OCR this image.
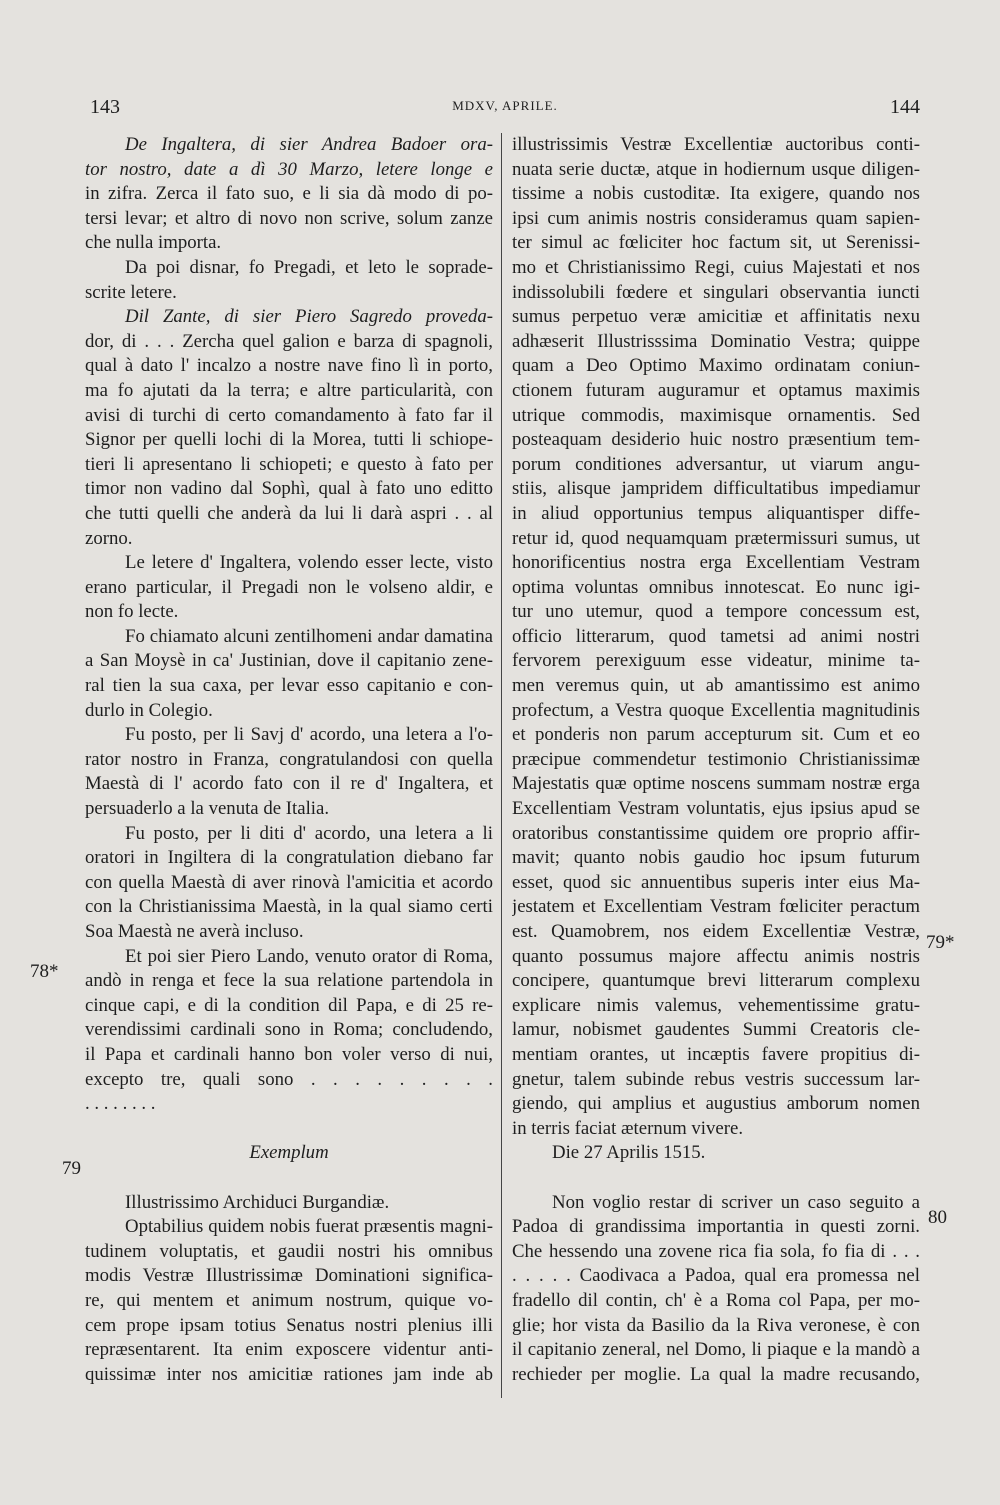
143	MDXV, APRILE.	144
De Ingaltera, di sier Andrea Badoer ora-
tor nostro, date a dì 30 Marzo, letere longe e
in zifra. Zerca il fato suo, e li sia dà modo di po-
tersi levar; et altro di novo non scrive, solum zanze
che nulla importa.
Da poi disnar, fo Pregadi, et leto le soprade-
scrite letere.
Dil Zante, di sier Piero Sagredo proveda-
dor, di . . . Zercha quel galion e barza di spagnoli,
qual à dato l' incalzo a nostre nave fino lì in porto,
ma fo ajutati da la terra; e altre particularità, con
avisi di turchi di certo comandamento à fato far il
Signor per quelli lochi di la Morea, tutti li schiope-
tieri li apresentano li schiopeti; e questo à fato per
timor non vadino dal Sophì, qual à fato uno editto
che tutti quelli che anderà da lui li darà aspri . . al
zorno.
Le letere d' Ingaltera, volendo esser lecte, visto
erano particular, il Pregadi non le volseno aldir, e
non fo lecte.
Fo chiamato alcuni zentilhomeni andar damatina
a San Moysè in ca' Justinian, dove il capitanio zene-
ral tien la sua caxa, per levar esso capitanio e con-
durlo in Colegio.
Fu posto, per li Savj d' acordo, una letera a l'o-
rator nostro in Franza, congratulandosi con quella
Maestà di l' acordo fato con il re d' Ingaltera, et
persuaderlo a la venuta de Italia.
Fu posto, per li diti d' acordo, una letera a li
oratori in Ingiltera di la congratulation diebano far
con quella Maestà di aver rinovà l'amicitia et acordo
con la Christianissima Maestà, in la qual siamo certi
Soa Maestà ne averà incluso.
Et poi sier Piero Lando, venuto orator di Roma,
andò in renga et fece la sua relatione partendola in
cinque capi, e di la condition dil Papa, e di 25 re-
verendissimi cardinali sono in Roma; concludendo,
il Papa et cardinali hanno bon voler verso di nui,
excepto tre, quali sono . . . . . . . . .
. . . . . . . .
Exemplum
Illustrissimo Archiduci Burgandiæ.
Optabilius quidem nobis fuerat præsentis magni-
tudinem voluptatis, et gaudii nostri his omnibus
modis Vestræ Illustrissimæ Dominationi significa-
re, qui mentem et animum nostrum, quique vo-
cem prope ipsam totius Senatus nostri plenius illi
repræsentarent. Ita enim exposcere videntur anti-
quissimæ inter nos amicitiæ rationes jam inde ab
illustrissimis Vestræ Excellentiæ auctoribus conti-
nuata serie ductæ, atque in hodiernum usque diligen-
tissime a nobis custoditæ. Ita exigere, quando nos
ipsi cum animis nostris consideramus quam sapien-
ter simul ac fœliciter hoc factum sit, ut Serenissi-
mo et Christianissimo Regi, cuius Majestati et nos
indissolubili fœdere et singulari observantia iuncti
sumus perpetuo veræ amicitiæ et affinitatis nexu
adhæserit Illustrisssima Dominatio Vestra; quippe
quam a Deo Optimo Maximo ordinatam coniun-
ctionem futuram auguramur et optamus maximis
utrique commodis, maximisque ornamentis. Sed
posteaquam desiderio huic nostro præsentium tem-
porum conditiones adversantur, ut viarum angu-
stiis, alisque jampridem difficultatibus impediamur
in aliud opportunius tempus aliquantisper diffe-
retur id, quod nequamquam prætermissuri sumus, ut
honorificentius nostra erga Excellentiam Vestram
optima voluntas omnibus innotescat. Eo nunc igi-
tur uno utemur, quod a tempore concessum est,
officio litterarum, quod tametsi ad animi nostri
fervorem perexiguum esse videatur, minime ta-
men veremus quin, ut ab amantissimo est animo
profectum, a Vestra quoque Excellentia magnitudinis
et ponderis non parum accepturum sit. Cum et eo
præcipue commendetur testimonio Christianissimæ
Majestatis quæ optime noscens summam nostræ erga
Excellentiam Vestram voluntatis, ejus ipsius apud se
oratoribus constantissime quidem ore proprio affir-
mavit; quanto nobis gaudio hoc ipsum futurum
esset, quod sic annuentibus superis inter eius Ma-
jestatem et Excellentiam Vestram fœliciter peractum
est. Quamobrem, nos eidem Excellentiæ Vestræ,
quanto possumus majore affectu animis nostris
concipere, quantumque brevi litterarum complexu
explicare nimis valemus, vehementissime gratu-
lamur, nobismet gaudentes Summi Creatoris cle-
mentiam orantes, ut incæptis favere propitius di-
gnetur, talem subinde rebus vestris successum lar-
giendo, qui amplius et augustius amborum nomen
in terris faciat æternum vivere.
Die 27 Aprilis 1515.
Non voglio restar di scriver un caso seguito a
Padoa di grandissima importantia in questi zorni.
Che hessendo una zovene rica fia sola, fo fia di . . .
. . . . . Caodivaca a Padoa, qual era promessa nel
fradello dil contin, ch' è a Roma col Papa, per mo-
glie; hor vista da Basilio da la Riva veronese, è con
il capitanio zeneral, nel Domo, li piaque e la mandò a
rechieder per moglie. La qual la madre recusando,
78*
79
79*
80
